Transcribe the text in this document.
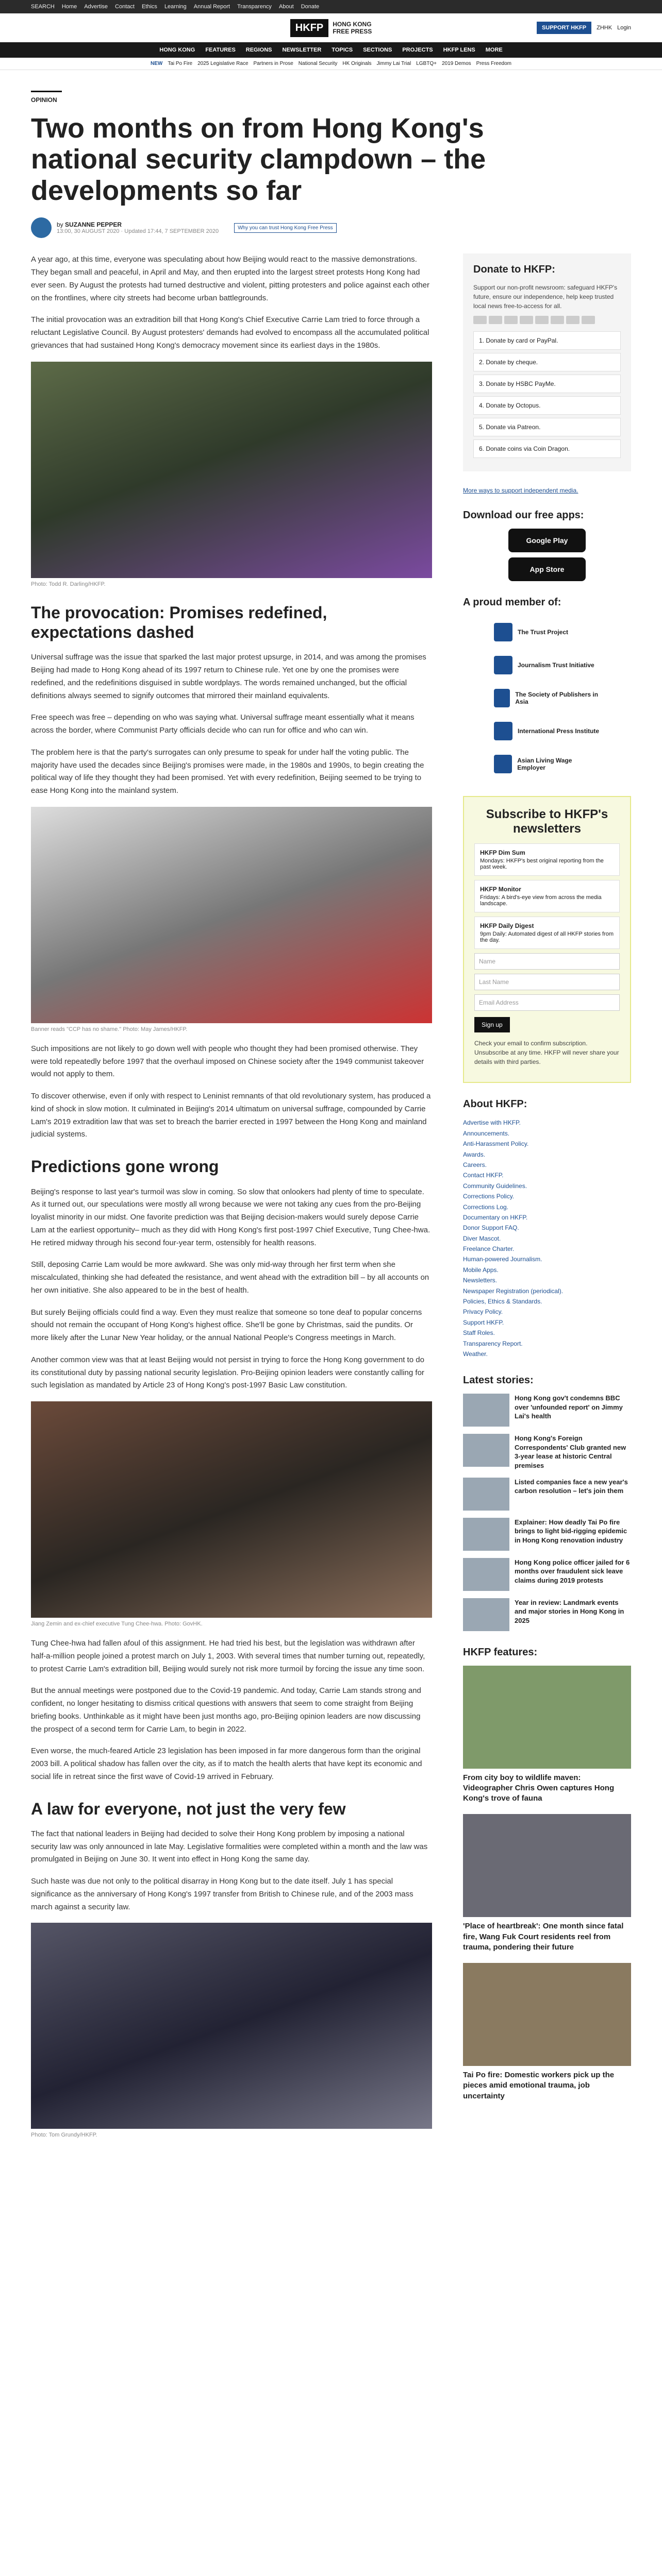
SEARCH Home Advertise Contact Ethics Learning Annual Report Transparency About Donate
HKFP	HONG KONG
FREE PRESS	SUPPORT HKFP	ZHHK Login
HONG KONG FEATURES REGIONS NEWSLETTER TOPICS SECTIONS PROJECTS HKFP LENS MORE
NEW Tai Po Fire 2025 Legislative Race Partners in Prose National Security HK Originals Jimmy Lai Trial LGBTQ+ 2019 Demos Press Freedom
OPINION
Two months on from Hong Kong's national security clampdown – the developments so far
by SUZANNE PEPPER
13:00, 30 AUGUST 2020 · Updated 17:44, 7 SEPTEMBER 2020
Why you can trust Hong Kong Free Press

A year ago, at this time, everyone was speculating about how Beijing would react to the massive demonstrations. They began small and peaceful, in April and May, and then erupted into the largest street protests Hong Kong had ever seen. By August the protests had turned destructive and violent, pitting protesters and police against each other on the frontlines, where city streets had become urban battlegrounds.

The initial provocation was an extradition bill that Hong Kong's Chief Executive Carrie Lam tried to force through a reluctant Legislative Council. By August protesters' demands had evolved to encompass all the accumulated political grievances that had sustained Hong Kong's democracy movement since its earliest days in the 1980s.

Photo: Todd R. Darling/HKFP.
The provocation: Promises redefined, expectations dashed

Universal suffrage was the issue that sparked the last major protest upsurge, in 2014, and was among the promises Beijing had made to Hong Kong ahead of its 1997 return to Chinese rule. Yet one by one the promises were redefined, and the redefinitions disguised in subtle wordplays. The words remained unchanged, but the official definitions always seemed to signify outcomes that mirrored their mainland equivalents.

Free speech was free – depending on who was saying what. Universal suffrage meant essentially what it means across the border, where Communist Party officials decide who can run for office and who can win.

The problem here is that the party's surrogates can only presume to speak for under half the voting public. The majority have used the decades since Beijing's promises were made, in the 1980s and 1990s, to begin creating the political way of life they thought they had been promised. Yet with every redefinition, Beijing seemed to be trying to ease Hong Kong into the mainland system.

Banner reads "CCP has no shame." Photo: May James/HKFP.

Such impositions are not likely to go down well with people who thought they had been promised otherwise. They were told repeatedly before 1997 that the overhaul imposed on Chinese society after the 1949 communist takeover would not apply to them.

To discover otherwise, even if only with respect to Leninist remnants of that old revolutionary system, has produced a kind of shock in slow motion. It culminated in Beijing's 2014 ultimatum on universal suffrage, compounded by Carrie Lam's 2019 extradition law that was set to breach the barrier erected in 1997 between the Hong Kong and mainland judicial systems.

Predictions gone wrong

Beijing's response to last year's turmoil was slow in coming. So slow that onlookers had plenty of time to speculate. As it turned out, our speculations were mostly all wrong because we were not taking any cues from the pro-Beijing loyalist minority in our midst. One favorite prediction was that Beijing decision-makers would surely depose Carrie Lam at the earliest opportunity– much as they did with Hong Kong's first post-1997 Chief Executive, Tung Chee-hwa. He retired midway through his second four-year term, ostensibly for health reasons.

Still, deposing Carrie Lam would be more awkward. She was only mid-way through her first term when she miscalculated, thinking she had defeated the resistance, and went ahead with the extradition bill – by all accounts on her own initiative. She also appeared to be in the best of health.

But surely Beijing officials could find a way. Even they must realize that someone so tone deaf to popular concerns should not remain the occupant of Hong Kong's highest office. She'll be gone by Christmas, said the pundits. Or more likely after the Lunar New Year holiday, or the annual National People's Congress meetings in March.

Another common view was that at least Beijing would not persist in trying to force the Hong Kong government to do its constitutional duty by passing national security legislation. Pro-Beijing opinion leaders were constantly calling for such legislation as mandated by Article 23 of Hong Kong's post-1997 Basic Law constitution.

Jiang Zemin and ex-chief executive Tung Chee-hwa. Photo: GovHK.

Tung Chee-hwa had fallen afoul of this assignment. He had tried his best, but the legislation was withdrawn after half-a-million people joined a protest march on July 1, 2003. With several times that number turning out, repeatedly, to protest Carrie Lam's extradition bill, Beijing would surely not risk more turmoil by forcing the issue any time soon.

But the annual meetings were postponed due to the Covid-19 pandemic. And today, Carrie Lam stands strong and confident, no longer hesitating to dismiss critical questions with answers that seem to come straight from Beijing briefing books. Unthinkable as it might have been just months ago, pro-Beijing opinion leaders are now discussing the prospect of a second term for Carrie Lam, to begin in 2022.

Even worse, the much-feared Article 23 legislation has been imposed in far more dangerous form than the original 2003 bill. A political shadow has fallen over the city, as if to match the health alerts that have kept its economic and social life in retreat since the first wave of Covid-19 arrived in February.

A law for everyone, not just the very few

The fact that national leaders in Beijing had decided to solve their Hong Kong problem by imposing a national security law was only announced in late May. Legislative formalities were completed within a month and the law was promulgated in Beijing on June 30. It went into effect in Hong Kong the same day.

Such haste was due not only to the political disarray in Hong Kong but to the date itself. July 1 has special significance as the anniversary of Hong Kong's 1997 transfer from British to Chinese rule, and of the 2003 mass march against a security law.

Photo: Tom Grundy/HKFP.
Donate to HKFP:
Support our non-profit newsroom: safeguard HKFP's future, ensure our independence, help keep trusted local news free-to-access for all.
1. Donate by card or PayPal.
2. Donate by cheque.
3. Donate by HSBC PayMe.
4. Donate by Octopus.
5. Donate via Patreon.
6. Donate coins via Coin Dragon.
More ways to support independent media.
Download our free apps:
Google Play
App Store
A proud member of:
The Trust Project
Journalism Trust Initiative
The Society of Publishers in Asia
International Press Institute
Asian Living Wage Employer
Subscribe to HKFP's newsletters
HKFP Dim Sum
Mondays: HKFP's best original reporting from the past week.
HKFP Monitor
Fridays: A bird's-eye view from across the media landscape.
HKFP Daily Digest
9pm Daily: Automated digest of all HKFP stories from the day.
Name
Last Name
Email Address
Sign up
Check your email to confirm subscription. Unsubscribe at any time. HKFP will never share your details with third parties.
About HKFP:
Advertise with HKFP.
Announcements.
Anti-Harassment Policy.
Awards.
Careers.
Contact HKFP.
Community Guidelines.
Corrections Policy.
Corrections Log.
Documentary on HKFP.
Donor Support FAQ.
Diver Mascot.
Freelance Charter.
Human-powered Journalism.
Mobile Apps.
Newsletters.
Newspaper Registration (periodical).
Policies, Ethics & Standards.
Privacy Policy.
Support HKFP.
Staff Roles.
Transparency Report.
Weather.
Latest stories:
Hong Kong gov't condemns BBC over 'unfounded report' on Jimmy Lai's health
Hong Kong's Foreign Correspondents' Club granted new 3-year lease at historic Central premises
Listed companies face a new year's carbon resolution – let's join them
Explainer: How deadly Tai Po fire brings to light bid-rigging epidemic in Hong Kong renovation industry
Hong Kong police officer jailed for 6 months over fraudulent sick leave claims during 2019 protests
Year in review: Landmark events and major stories in Hong Kong in 2025
HKFP features:
From city boy to wildlife maven: Videographer Chris Owen captures Hong Kong's trove of fauna
'Place of heartbreak': One month since fatal fire, Wang Fuk Court residents reel from trauma, pondering their future
Tai Po fire: Domestic workers pick up the pieces amid emotional trauma, job uncertainty
